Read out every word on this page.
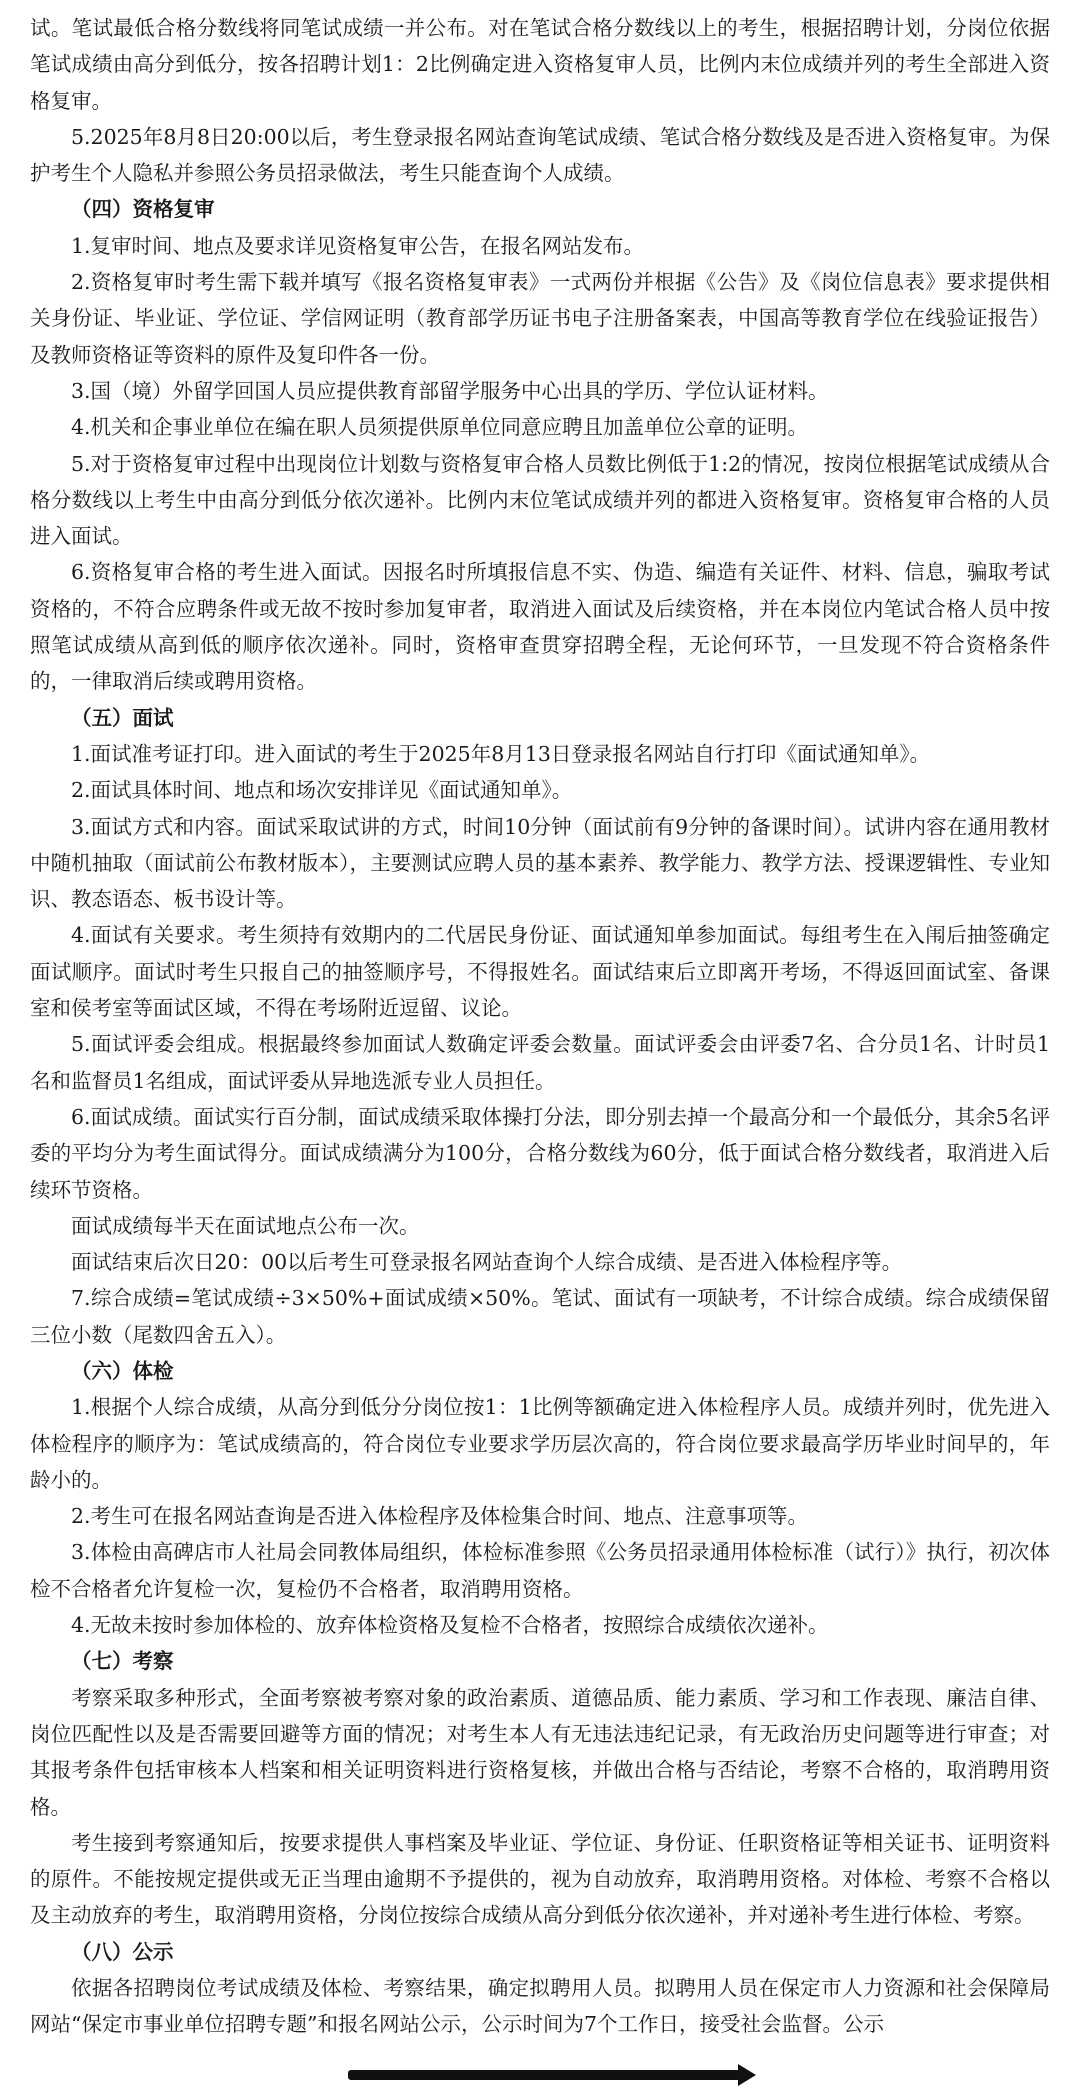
试。笔试最低合格分数线将同笔试成绩一并公布。对在笔试合格分数线以上的考生，根据招聘计划，分岗位依据笔试成绩由高分到低分，按各招聘计划1：2比例确定进入资格复审人员，比例内末位成绩并列的考生全部进入资格复审。

5.2025年8月8日20:00以后，考生登录报名网站查询笔试成绩、笔试合格分数线及是否进入资格复审。为保护考生个人隐私并参照公务员招录做法，考生只能查询个人成绩。

（四）资格复审

1.复审时间、地点及要求详见资格复审公告，在报名网站发布。

2.资格复审时考生需下载并填写《报名资格复审表》一式两份并根据《公告》及《岗位信息表》要求提供相关身份证、毕业证、学位证、学信网证明（教育部学历证书电子注册备案表，中国高等教育学位在线验证报告）及教师资格证等资料的原件及复印件各一份。

3.国（境）外留学回国人员应提供教育部留学服务中心出具的学历、学位认证材料。

4.机关和企事业单位在编在职人员须提供原单位同意应聘且加盖单位公章的证明。

5.对于资格复审过程中出现岗位计划数与资格复审合格人员数比例低于1:2的情况，按岗位根据笔试成绩从合格分数线以上考生中由高分到低分依次递补。比例内末位笔试成绩并列的都进入资格复审。资格复审合格的人员进入面试。

6.资格复审合格的考生进入面试。因报名时所填报信息不实、伪造、编造有关证件、材料、信息，骗取考试资格的，不符合应聘条件或无故不按时参加复审者，取消进入面试及后续资格，并在本岗位内笔试合格人员中按照笔试成绩从高到低的顺序依次递补。同时，资格审查贯穿招聘全程，无论何环节，一旦发现不符合资格条件的，一律取消后续或聘用资格。

（五）面试

1.面试准考证打印。进入面试的考生于2025年8月13日登录报名网站自行打印《面试通知单》。

2.面试具体时间、地点和场次安排详见《面试通知单》。

3.面试方式和内容。面试采取试讲的方式，时间10分钟（面试前有9分钟的备课时间）。试讲内容在通用教材中随机抽取（面试前公布教材版本），主要测试应聘人员的基本素养、教学能力、教学方法、授课逻辑性、专业知识、教态语态、板书设计等。

4.面试有关要求。考生须持有效期内的二代居民身份证、面试通知单参加面试。每组考生在入闱后抽签确定面试顺序。面试时考生只报自己的抽签顺序号，不得报姓名。面试结束后立即离开考场，不得返回面试室、备课室和侯考室等面试区域，不得在考场附近逗留、议论。

5.面试评委会组成。根据最终参加面试人数确定评委会数量。面试评委会由评委7名、合分员1名、计时员1名和监督员1名组成，面试评委从异地选派专业人员担任。

6.面试成绩。面试实行百分制，面试成绩采取体操打分法，即分别去掉一个最高分和一个最低分，其余5名评委的平均分为考生面试得分。面试成绩满分为100分，合格分数线为60分，低于面试合格分数线者，取消进入后续环节资格。

面试成绩每半天在面试地点公布一次。

面试结束后次日20：00以后考生可登录报名网站查询个人综合成绩、是否进入体检程序等。

7.综合成绩=笔试成绩÷3×50%+面试成绩×50%。笔试、面试有一项缺考，不计综合成绩。综合成绩保留三位小数（尾数四舍五入）。

（六）体检

1.根据个人综合成绩，从高分到低分分岗位按1：1比例等额确定进入体检程序人员。成绩并列时，优先进入体检程序的顺序为：笔试成绩高的，符合岗位专业要求学历层次高的，符合岗位要求最高学历毕业时间早的，年龄小的。

2.考生可在报名网站查询是否进入体检程序及体检集合时间、地点、注意事项等。

3.体检由高碑店市人社局会同教体局组织，体检标准参照《公务员招录通用体检标准（试行）》执行，初次体检不合格者允许复检一次，复检仍不合格者，取消聘用资格。

4.无故未按时参加体检的、放弃体检资格及复检不合格者，按照综合成绩依次递补。

（七）考察

考察采取多种形式，全面考察被考察对象的政治素质、道德品质、能力素质、学习和工作表现、廉洁自律、岗位匹配性以及是否需要回避等方面的情况；对考生本人有无违法违纪记录，有无政治历史问题等进行审查；对其报考条件包括审核本人档案和相关证明资料进行资格复核，并做出合格与否结论，考察不合格的，取消聘用资格。

考生接到考察通知后，按要求提供人事档案及毕业证、学位证、身份证、任职资格证等相关证书、证明资料的原件。不能按规定提供或无正当理由逾期不予提供的，视为自动放弃，取消聘用资格。对体检、考察不合格以及主动放弃的考生，取消聘用资格，分岗位按综合成绩从高分到低分依次递补，并对递补考生进行体检、考察。

（八）公示

依据各招聘岗位考试成绩及体检、考察结果，确定拟聘用人员。拟聘用人员在保定市人力资源和社会保障局网站“保定市事业单位招聘专题”和报名网站公示，公示时间为7个工作日，接受社会监督。公示
